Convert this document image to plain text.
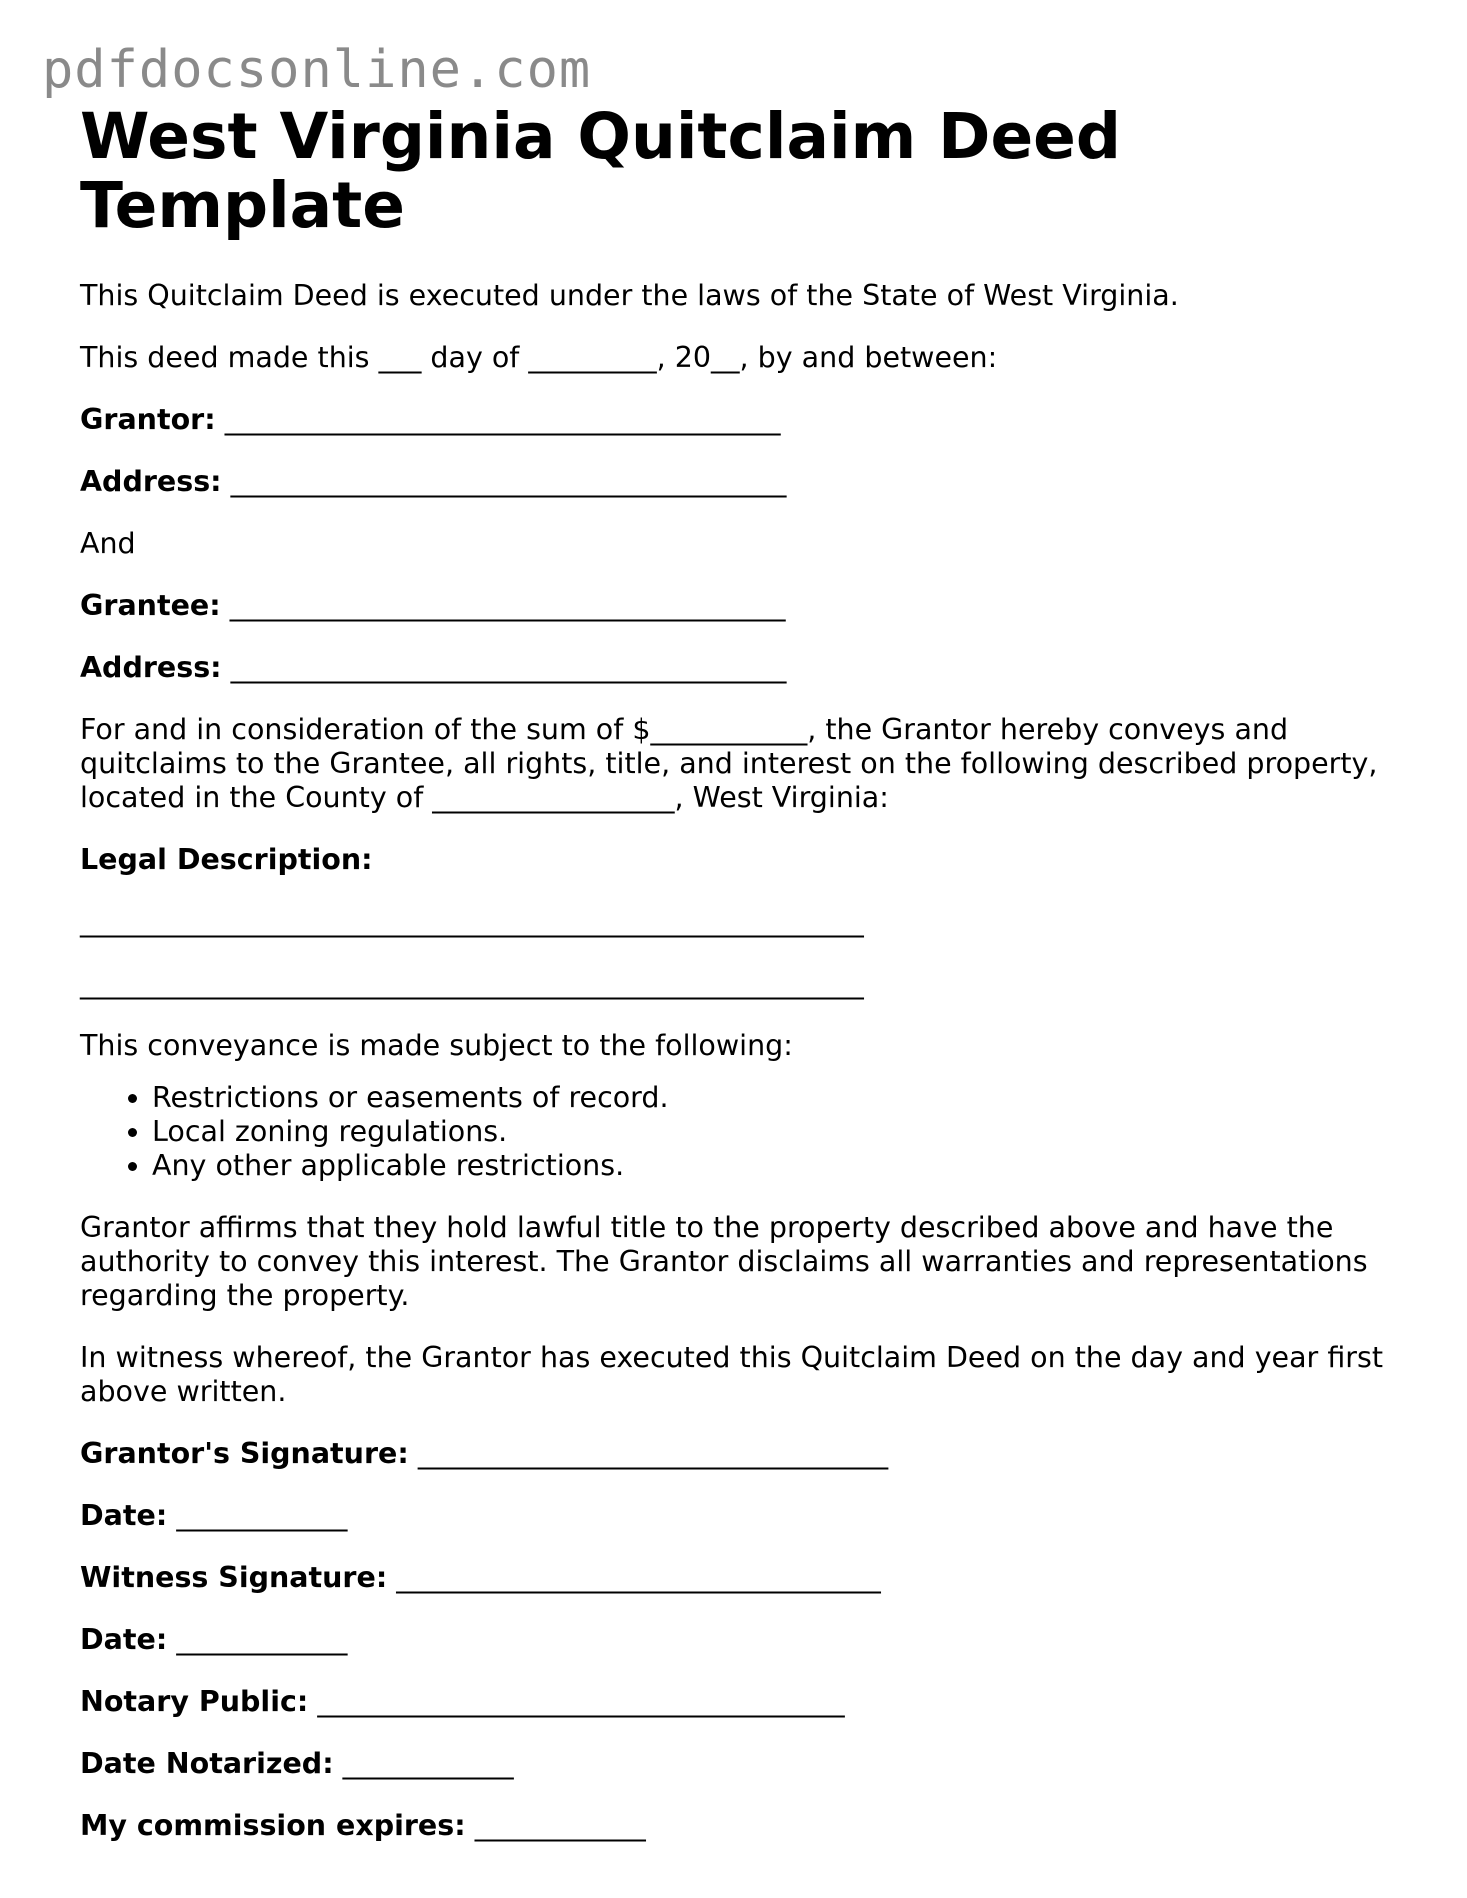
pdfdocsonline.com
West Virginia Quitclaim Deed Template

This Quitclaim Deed is executed under the laws of the State of West Virginia.

This deed made this ___ day of _________, 20__, by and between:

Grantor: _______________________________________

Address: _______________________________________

And

Grantee: _______________________________________

Address: _______________________________________

For and in consideration of the sum of $___________, the Grantor hereby conveys and quitclaims to the Grantee, all rights, title, and interest on the following described property, located in the County of _________________, West Virginia:

Legal Description:

_______________________________________________________
_______________________________________________________

This conveyance is made subject to the following:

• Restrictions or easements of record.
• Local zoning regulations.
• Any other applicable restrictions.

Grantor affirms that they hold lawful title to the property described above and have the authority to convey this interest. The Grantor disclaims all warranties and representations regarding the property.

In witness whereof, the Grantor has executed this Quitclaim Deed on the day and year first above written.

Grantor's Signature: _________________________________

Date: ____________

Witness Signature: __________________________________

Date: ____________

Notary Public: _____________________________________

Date Notarized: ____________

My commission expires: ____________
